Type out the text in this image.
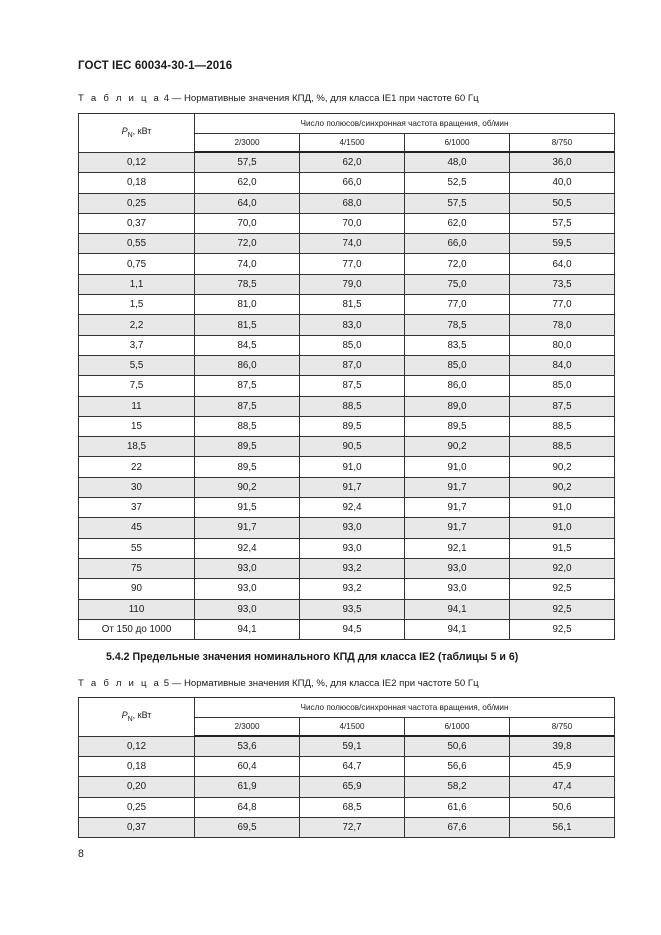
ГОСТ IEC 60034-30-1—2016
Т а б л и ц а 4 — Нормативные значения КПД, %, для класса IE1 при частоте 60 Гц
$P_N$, кВт	Число полюсов/синхронная частота вращения, об/мин			
	2/3000	4/1500	6/1000	8/750
0,12	57,5	62,0	48,0	36,0
0,18	62,0	66,0	52,5	40,0
0,25	64,0	68,0	57,5	50,5
0,37	70,0	70,0	62,0	57,5
0,55	72,0	74,0	66,0	59,5
0,75	74,0	77,0	72,0	64,0
1,1	78,5	79,0	75,0	73,5
1,5	81,0	81,5	77,0	77,0
2,2	81,5	83,0	78,5	78,0
3,7	84,5	85,0	83,5	80,0
5,5	86,0	87,0	85,0	84,0
7,5	87,5	87,5	86,0	85,0
11	87,5	88,5	89,0	87,5
15	88,5	89,5	89,5	88,5
18,5	89,5	90,5	90,2	88,5
22	89,5	91,0	91,0	90,2
30	90,2	91,7	91,7	90,2
37	91,5	92,4	91,7	91,0
45	91,7	93,0	91,7	91,0
55	92,4	93,0	92,1	91,5
75	93,0	93,2	93,0	92,0
90	93,0	93,2	93,0	92,5
110	93,0	93,5	94,1	92,5
От 150 до 1000	94,1	94,5	94,1	92,5
5.4.2 Предельные значения номинального КПД для класса IE2 (таблицы 5 и 6)
Т а б л и ц а 5 — Нормативные значения КПД, %, для класса IE2 при частоте 50 Гц
$P_N$, кВт	Число полюсов/синхронная частота вращения, об/мин			
	2/3000	4/1500	6/1000	8/750
0,12	53,6	59,1	50,6	39,8
0,18	60,4	64,7	56,6	45,9
0,20	61,9	65,9	58,2	47,4
0,25	64,8	68,5	61,6	50,6
0,37	69,5	72,7	67,6	56,1
8
